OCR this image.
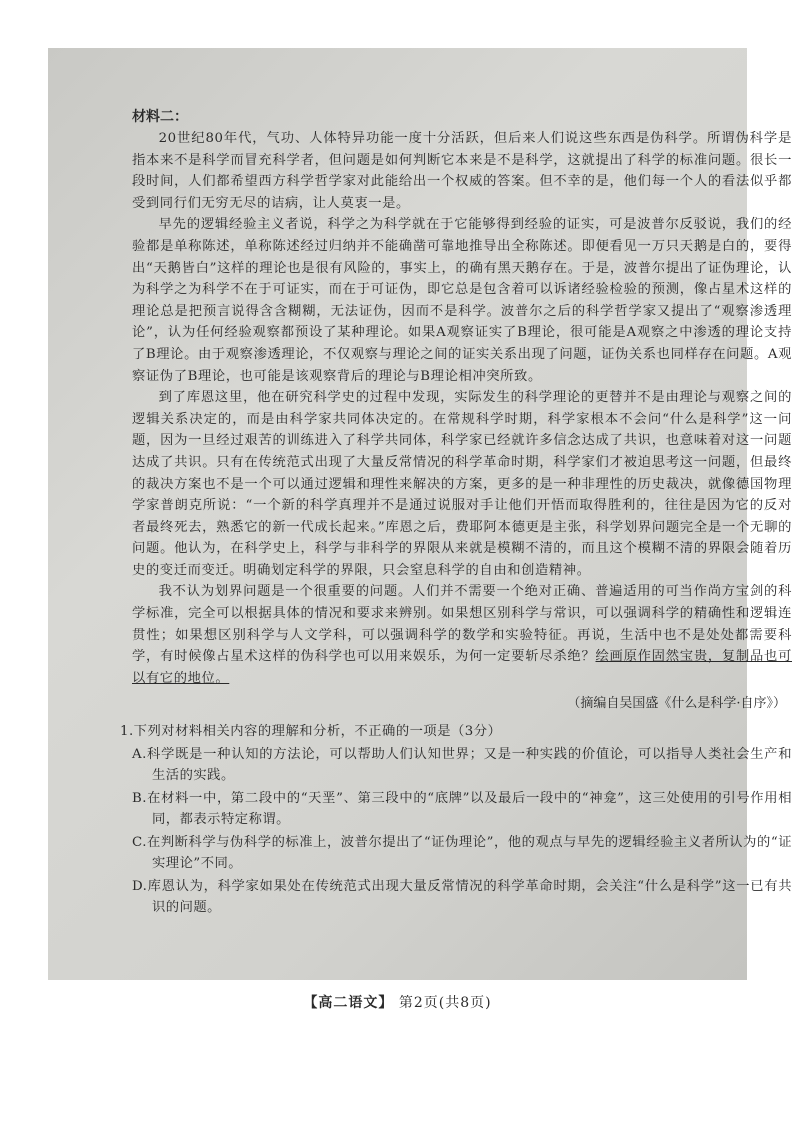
材料二：

20世纪80年代，气功、人体特异功能一度十分活跃，但后来人们说这些东西是伪科学。所谓伪科学是指本来不是科学而冒充科学者，但问题是如何判断它本来是不是科学，这就提出了科学的标准问题。很长一段时间，人们都希望西方科学哲学家对此能给出一个权威的答案。但不幸的是，他们每一个人的看法似乎都受到同行们无穷无尽的诘病，让人莫衷一是。

早先的逻辑经验主义者说，科学之为科学就在于它能够得到经验的证实，可是波普尔反驳说，我们的经验都是单称陈述，单称陈述经过归纳并不能确凿可靠地推导出全称陈述。即便看见一万只天鹅是白的，要得出“天鹅皆白”这样的理论也是很有风险的，事实上，的确有黑天鹅存在。于是，波普尔提出了证伪理论，认为科学之为科学不在于可证实，而在于可证伪，即它总是包含着可以诉诸经验检验的预测，像占星术这样的理论总是把预言说得含含糊糊，无法证伪，因而不是科学。波普尔之后的科学哲学家又提出了“观察渗透理论”，认为任何经验观察都预设了某种理论。如果A观察证实了B理论，很可能是A观察之中渗透的理论支持了B理论。由于观察渗透理论，不仅观察与理论之间的证实关系出现了问题，证伪关系也同样存在问题。A观察证伪了B理论，也可能是该观察背后的理论与B理论相冲突所致。

到了库恩这里，他在研究科学史的过程中发现，实际发生的科学理论的更替并不是由理论与观察之间的逻辑关系决定的，而是由科学家共同体决定的。在常规科学时期，科学家根本不会问“什么是科学”这一问题，因为一旦经过艰苦的训练进入了科学共同体，科学家已经就许多信念达成了共识，也意味着对这一问题达成了共识。只有在传统范式出现了大量反常情况的科学革命时期，科学家们才被迫思考这一问题，但最终的裁决方案也不是一个可以通过逻辑和理性来解决的方案，更多的是一种非理性的历史裁决，就像德国物理学家普朗克所说：“一个新的科学真理并不是通过说服对手让他们开悟而取得胜利的，往往是因为它的反对者最终死去，熟悉它的新一代成长起来。”库恩之后，费耶阿本德更是主张，科学划界问题完全是一个无聊的问题。他认为，在科学史上，科学与非科学的界限从来就是模糊不清的，而且这个模糊不清的界限会随着历史的变迁而变迁。明确划定科学的界限，只会窒息科学的自由和创造精神。

我不认为划界问题是一个很重要的问题。人们并不需要一个绝对正确、普遍适用的可当作尚方宝剑的科学标准，完全可以根据具体的情况和要求来辨别。如果想区别科学与常识，可以强调科学的精确性和逻辑连贯性；如果想区别科学与人文学科，可以强调科学的数学和实验特征。再说，生活中也不是处处都需要科学，有时候像占星术这样的伪科学也可以用来娱乐，为何一定要斩尽杀绝？绘画原作固然宝贵，复制品也可以有它的地位。

（摘编自吴国盛《什么是科学·自序》）
1.下列对材料相关内容的理解和分析，不正确的一项是（3分）
A.科学既是一种认知的方法论，可以帮助人们认知世界；又是一种实践的价值论，可以指导人类社会生产和生活的实践。
B.在材料一中，第二段中的“天垩”、第三段中的“底牌”以及最后一段中的“神龛”，这三处使用的引号作用相同，都表示特定称谓。
C.在判断科学与伪科学的标准上，波普尔提出了“证伪理论”，他的观点与早先的逻辑经验主义者所认为的“证实理论”不同。
D.库恩认为，科学家如果处在传统范式出现大量反常情况的科学革命时期，会关注“什么是科学”这一已有共识的问题。
【高二语文】 第2页(共8页)
